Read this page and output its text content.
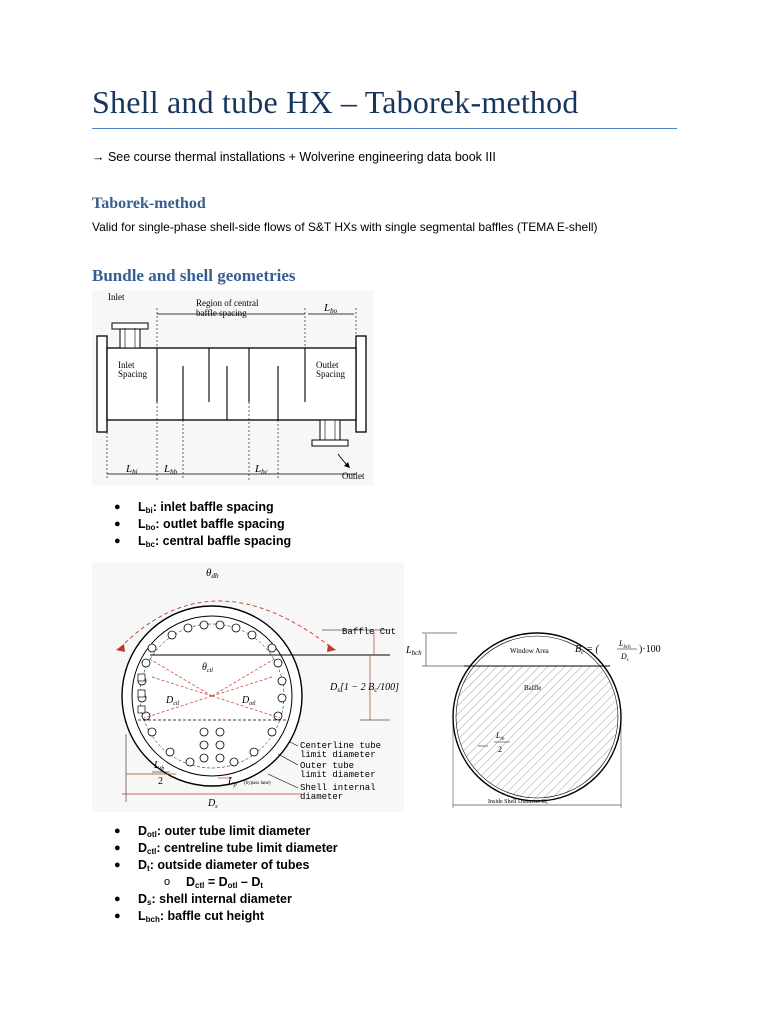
Shell and tube HX – Taborek-method
→ See course thermal installations + Wolverine engineering data book III
Taborek-method
Valid for single-phase shell-side flows of S&T HXs with single segmental baffles (TEMA E-shell)
Bundle and shell geometries
Inlet
Region of central
baffle spacing	Lbo
Inlet
Spacing
Outlet
Spacing
Outlet
Lbi Lbb	Lbc
● $L_{bi}$: inlet baffle spacing
● $L_{bo}$: outlet baffle spacing
● $L_{bc}$: central baffle spacing
θdb
Baffle Cut
$L_{bch}$
$D_s[1 - 2$ $B_c/100$]
$\theta_{ctl}$
$D_{ctl}$	$D_{otl}$
Centerline tube
limit diameter
Outer tube
limit diameter
Shell internal
diameter
$L_{tb}$
2	$L_p$ (bypass lane)
$D_s$
Window Area
Baffle
$B_c$ = (
$L_{bch}$
$D_s$
)·100
$L_{tb}$
2
Inside Shell Diameter Ds
● $D_{otl}$: outer tube limit diameter
● $D_{ctl}$: centreline tube limit diameter
● $D_t$: outside diameter of tubes
o $D_{ctl} = D_{otl} - D_t$
● $D_s$: shell internal diameter
● $L_{bch}$: baffle cut height
